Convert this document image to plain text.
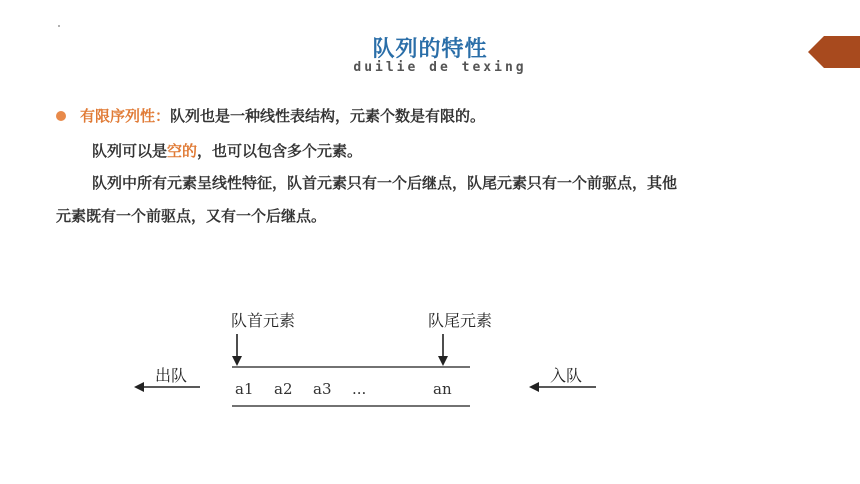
队列的特性
duilie de texing
有限序列性：队列也是一种线性表结构，元素个数是有限的。
队列可以是空的，也可以包含多个元素。
队列中所有元素呈线性特征，队首元素只有一个后继点，队尾元素只有一个前驱点，其他
元素既有一个前驱点，又有一个后继点。
队首元素	队尾元素
a1 a2 a3 ...	an
出队	入队
